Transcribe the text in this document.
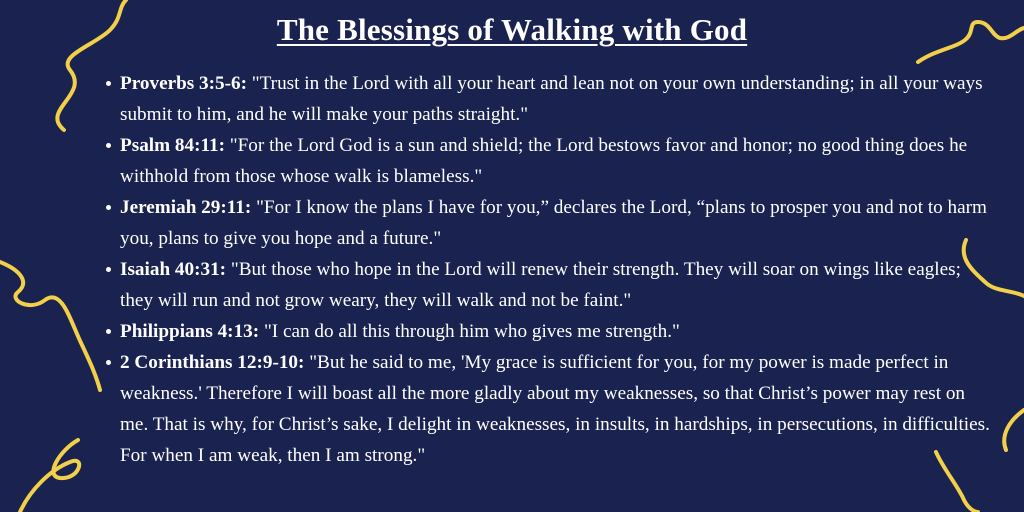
The Blessings of Walking with God
Proverbs 3:5-6: "Trust in the Lord with all your heart and lean not on your own understanding; in all your ways submit to him, and he will make your paths straight."
Psalm 84:11: "For the Lord God is a sun and shield; the Lord bestows favor and honor; no good thing does he withhold from those whose walk is blameless."
Jeremiah 29:11: "For I know the plans I have for you,” declares the Lord, “plans to prosper you and not to harm you, plans to give you hope and a future."
Isaiah 40:31: "But those who hope in the Lord will renew their strength. They will soar on wings like eagles; they will run and not grow weary, they will walk and not be faint."
Philippians 4:13: "I can do all this through him who gives me strength."
2 Corinthians 12:9-10: "But he said to me, 'My grace is sufficient for you, for my power is made perfect in weakness.' Therefore I will boast all the more gladly about my weaknesses, so that Christ’s power may rest on me. That is why, for Christ’s sake, I delight in weaknesses, in insults, in hardships, in persecutions, in difficulties. For when I am weak, then I am strong."
